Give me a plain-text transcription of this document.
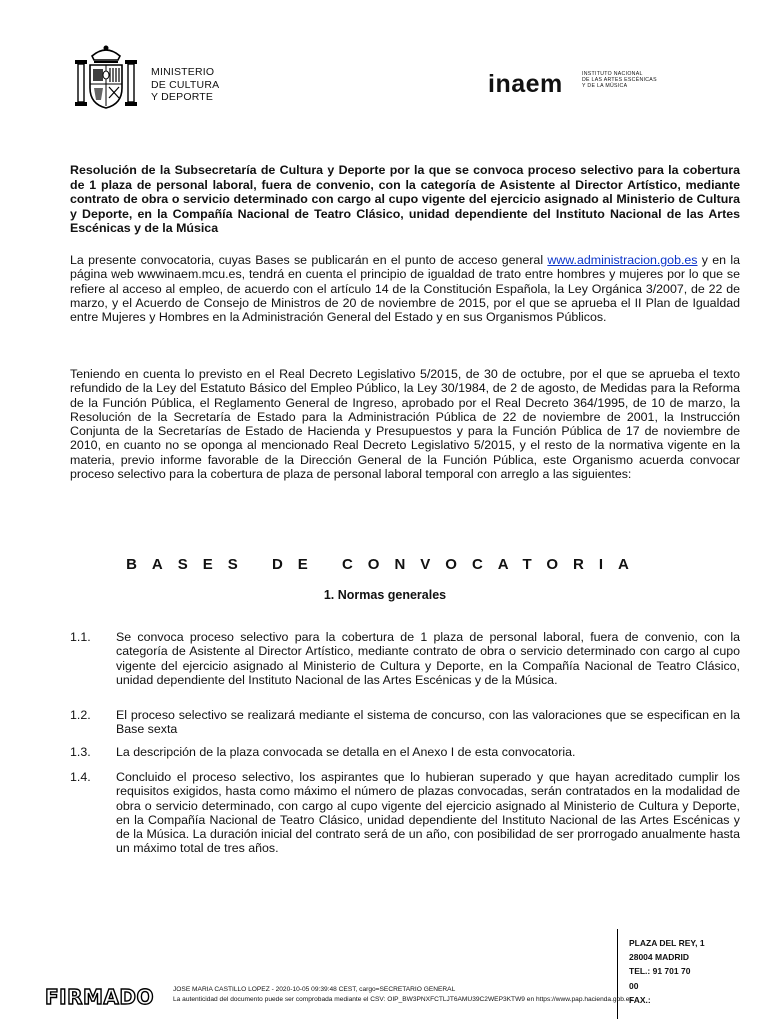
MINISTERIO
DE CULTURA
Y DEPORTE	inaem	INSTITUTO NACIONAL
DE LAS ARTES ESCÉNICAS
Y DE LA MÚSICA
Resolución de la Subsecretaría de Cultura y Deporte por la que se convoca proceso selectivo para la cobertura de 1 plaza de personal laboral, fuera de convenio, con la categoría de Asistente al Director Artístico, mediante contrato de obra o servicio determinado con cargo al cupo vigente del ejercicio asignado al Ministerio de Cultura y Deporte, en la Compañía Nacional de Teatro Clásico, unidad dependiente del Instituto Nacional de las Artes Escénicas y de la Música

La presente convocatoria, cuyas Bases se publicarán en el punto de acceso general www.administracion.gob.es y en la página web wwwinaem.mcu.es, tendrá en cuenta el principio de igualdad de trato entre hombres y mujeres por lo que se refiere al acceso al empleo, de acuerdo con el artículo 14 de la Constitución Española, la Ley Orgánica 3/2007, de 22 de marzo, y el Acuerdo de Consejo de Ministros de 20 de noviembre de 2015, por el que se aprueba el II Plan de Igualdad entre Mujeres y Hombres en la Administración General del Estado y en sus Organismos Públicos.

Teniendo en cuenta lo previsto en el Real Decreto Legislativo 5/2015, de 30 de octubre, por el que se aprueba el texto refundido de la Ley del Estatuto Básico del Empleo Público, la Ley 30/1984, de 2 de agosto, de Medidas para la Reforma de la Función Pública, el Reglamento General de Ingreso, aprobado por el Real Decreto 364/1995, de 10 de marzo, la Resolución de la Secretaría de Estado para la Administración Pública de 22 de noviembre de 2001, la Instrucción Conjunta de la Secretarías de Estado de Hacienda y Presupuestos y para la Función Pública de 17 de noviembre de 2010, en cuanto no se oponga al mencionado Real Decreto Legislativo 5/2015, y el resto de la normativa vigente en la materia, previo informe favorable de la Dirección General de la Función Pública, este Organismo acuerda convocar proceso selectivo para la cobertura de plaza de personal laboral temporal con arreglo a las siguientes:

BASES DE CONVOCATORIA
1. Normas generales
1.1. Se convoca proceso selectivo para la cobertura de 1 plaza de personal laboral, fuera de convenio, con la categoría de Asistente al Director Artístico, mediante contrato de obra o servicio determinado con cargo al cupo vigente del ejercicio asignado al Ministerio de Cultura y Deporte, en la Compañía Nacional de Teatro Clásico, unidad dependiente del Instituto Nacional de las Artes Escénicas y de la Música.
1.2. El proceso selectivo se realizará mediante el sistema de concurso, con las valoraciones que se especifican en la Base sexta
1.3. La descripción de la plaza convocada se detalla en el Anexo I de esta convocatoria.
1.4. Concluido el proceso selectivo, los aspirantes que lo hubieran superado y que hayan acreditado cumplir los requisitos exigidos, hasta como máximo el número de plazas convocadas, serán contratados en la modalidad de obra o servicio determinado, con cargo al cupo vigente del ejercicio asignado al Ministerio de Cultura y Deporte, en la Compañía Nacional de Teatro Clásico, unidad dependiente del Instituto Nacional de las Artes Escénicas y de la Música. La duración inicial del contrato será de un año, con posibilidad de ser prorrogado anualmente hasta un máximo total de tres años.
PLAZA DEL REY, 1
28004 MADRID
TEL.: 91 701 70
00
FAX.:
FIRMADO	JOSE MARIA CASTILLO LOPEZ - 2020-10-05 09:39:48 CEST, cargo=SECRETARIO GENERAL
La autenticidad del documento puede ser comprobada mediante el CSV: OIP_BW3PNXFCTLJT6AMU39C2WEP3KTW9 en https://www.pap.hacienda.gob.es
